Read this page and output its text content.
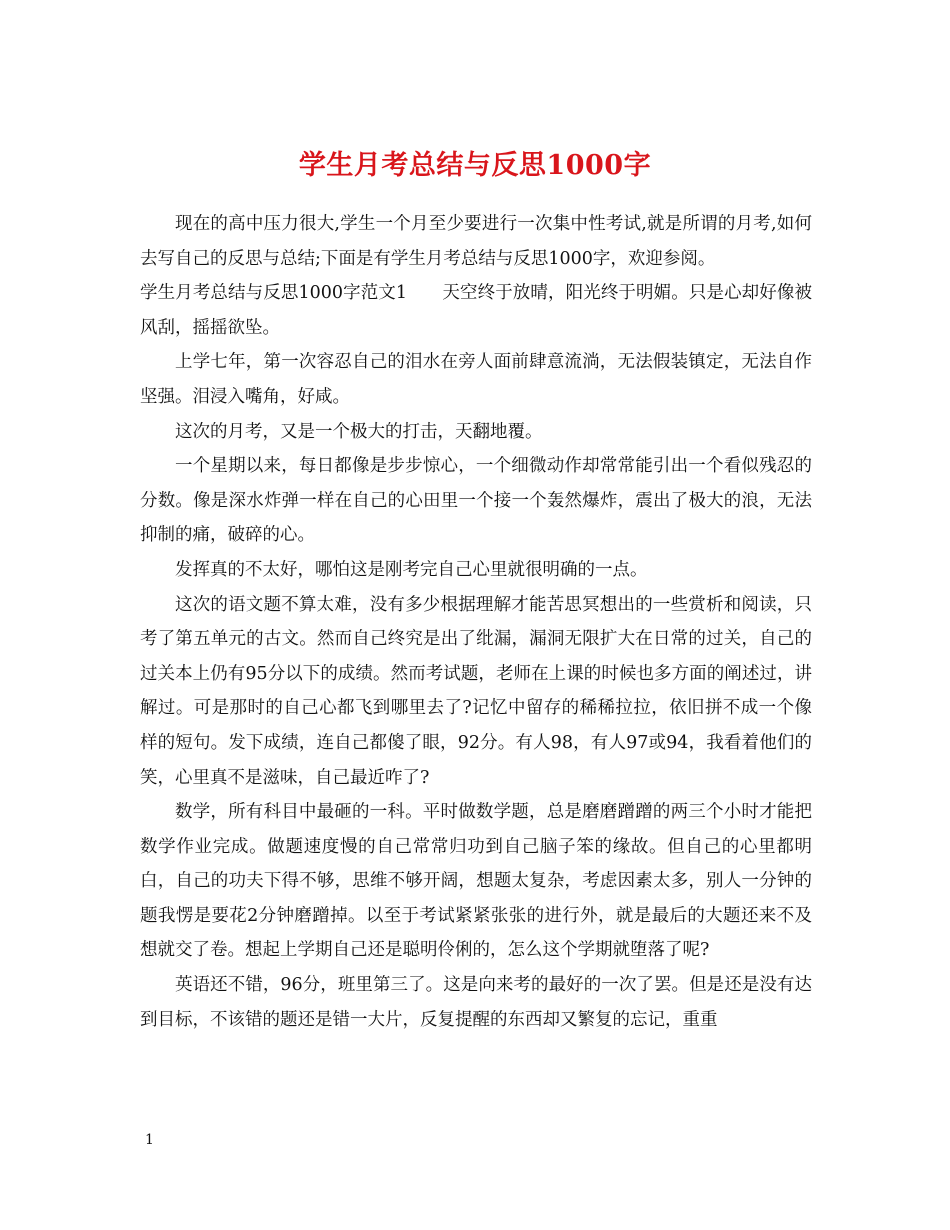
学生月考总结与反思1000字

现在的高中压力很大,学生一个月至少要进行一次集中性考试,就是所谓的月考,如何去写自己的反思与总结;下面是有学生月考总结与反思1000字，欢迎参阅。

学生月考总结与反思1000字范文1　　天空终于放晴，阳光终于明媚。只是心却好像被风刮，摇摇欲坠。

上学七年，第一次容忍自己的泪水在旁人面前肆意流淌，无法假装镇定，无法自作坚强。泪浸入嘴角，好咸。

这次的月考，又是一个极大的打击，天翻地覆。

一个星期以来，每日都像是步步惊心，一个细微动作却常常能引出一个看似残忍的分数。像是深水炸弹一样在自己的心田里一个接一个轰然爆炸，震出了极大的浪，无法抑制的痛，破碎的心。

发挥真的不太好，哪怕这是刚考完自己心里就很明确的一点。

这次的语文题不算太难，没有多少根据理解才能苦思冥想出的一些赏析和阅读，只考了第五单元的古文。然而自己终究是出了纰漏，漏洞无限扩大在日常的过关，自己的过关本上仍有95分以下的成绩。然而考试题，老师在上课的时候也多方面的阐述过，讲解过。可是那时的自己心都飞到哪里去了?记忆中留存的稀稀拉拉，依旧拼不成一个像样的短句。发下成绩，连自己都傻了眼，92分。有人98，有人97或94，我看着他们的笑，心里真不是滋味，自己最近咋了?

数学，所有科目中最砸的一科。平时做数学题，总是磨磨蹭蹭的两三个小时才能把数学作业完成。做题速度慢的自己常常归功到自己脑子笨的缘故。但自己的心里都明白，自己的功夫下得不够，思维不够开阔，想题太复杂，考虑因素太多，别人一分钟的题我愣是要花2分钟磨蹭掉。以至于考试紧紧张张的进行外，就是最后的大题还来不及想就交了卷。想起上学期自己还是聪明伶俐的，怎么这个学期就堕落了呢?

英语还不错，96分，班里第三了。这是向来考的最好的一次了罢。但是还是没有达到目标，不该错的题还是错一大片，反复提醒的东西却又繁复的忘记，重重

1
